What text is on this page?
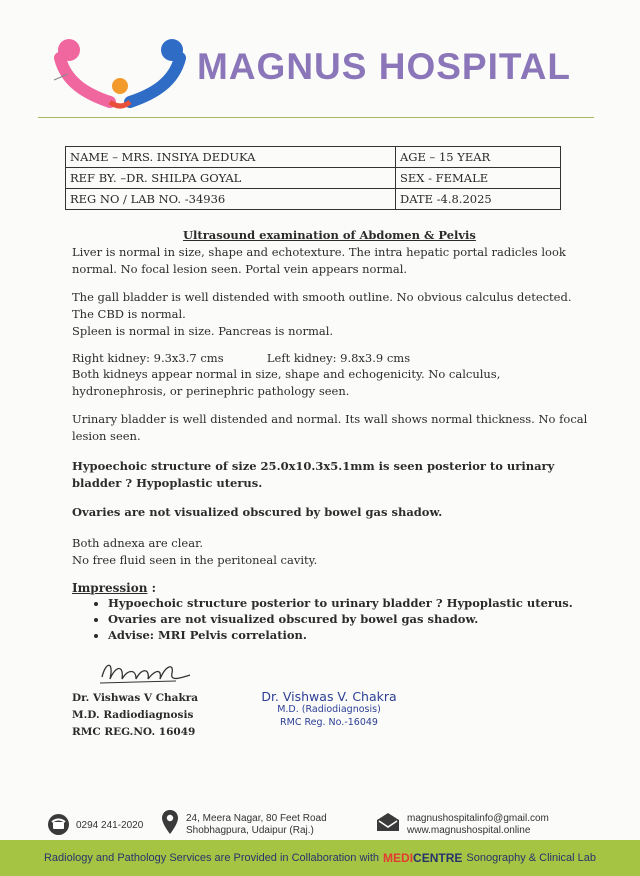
MAGNUS HOSPITAL
NAME – MRS. INSIYA DEDUKA	AGE – 15 YEAR
REF BY. –DR. SHILPA GOYAL	SEX - FEMALE
REG NO / LAB NO. -34936	DATE -4.8.2025
Ultrasound examination of Abdomen & Pelvis
Liver is normal in size, shape and echotexture. The intra hepatic portal radicles look
normal. No focal lesion seen. Portal vein appears normal.
The gall bladder is well distended with smooth outline. No obvious calculus detected.
The CBD is normal.
Spleen is normal in size. Pancreas is normal.
Right kidney: 9.3x3.7 cms	Left kidney: 9.8x3.9 cms
Both kidneys appear normal in size, shape and echogenicity. No calculus,
hydronephrosis, or perinephric pathology seen.
Urinary bladder is well distended and normal. Its wall shows normal thickness. No focal
lesion seen.
Hypoechoic structure of size 25.0x10.3x5.1mm is seen posterior to urinary
bladder ? Hypoplastic uterus.
Ovaries are not visualized obscured by bowel gas shadow.
Both adnexa are clear.
No free fluid seen in the peritoneal cavity.
Impression :
• Hypoechoic structure posterior to urinary bladder ? Hypoplastic uterus.
• Ovaries are not visualized obscured by bowel gas shadow.
• Advise: MRI Pelvis correlation.
Dr. Vishwas V Chakra
M.D. Radiodiagnosis
RMC REG.NO. 16049
Dr. Vishwas V. Chakra
M.D. (Radiodiagnosis)
RMC Reg. No.-16049
0294 241-2020
24, Meera Nagar, 80 Feet Road
Shobhagpura, Udaipur (Raj.)
magnushospitalinfo@gmail.com
www.magnushospital.online
Radiology and Pathology Services are Provided in Collaboration with MEDI CENTRE Sonography & Clinical Lab
